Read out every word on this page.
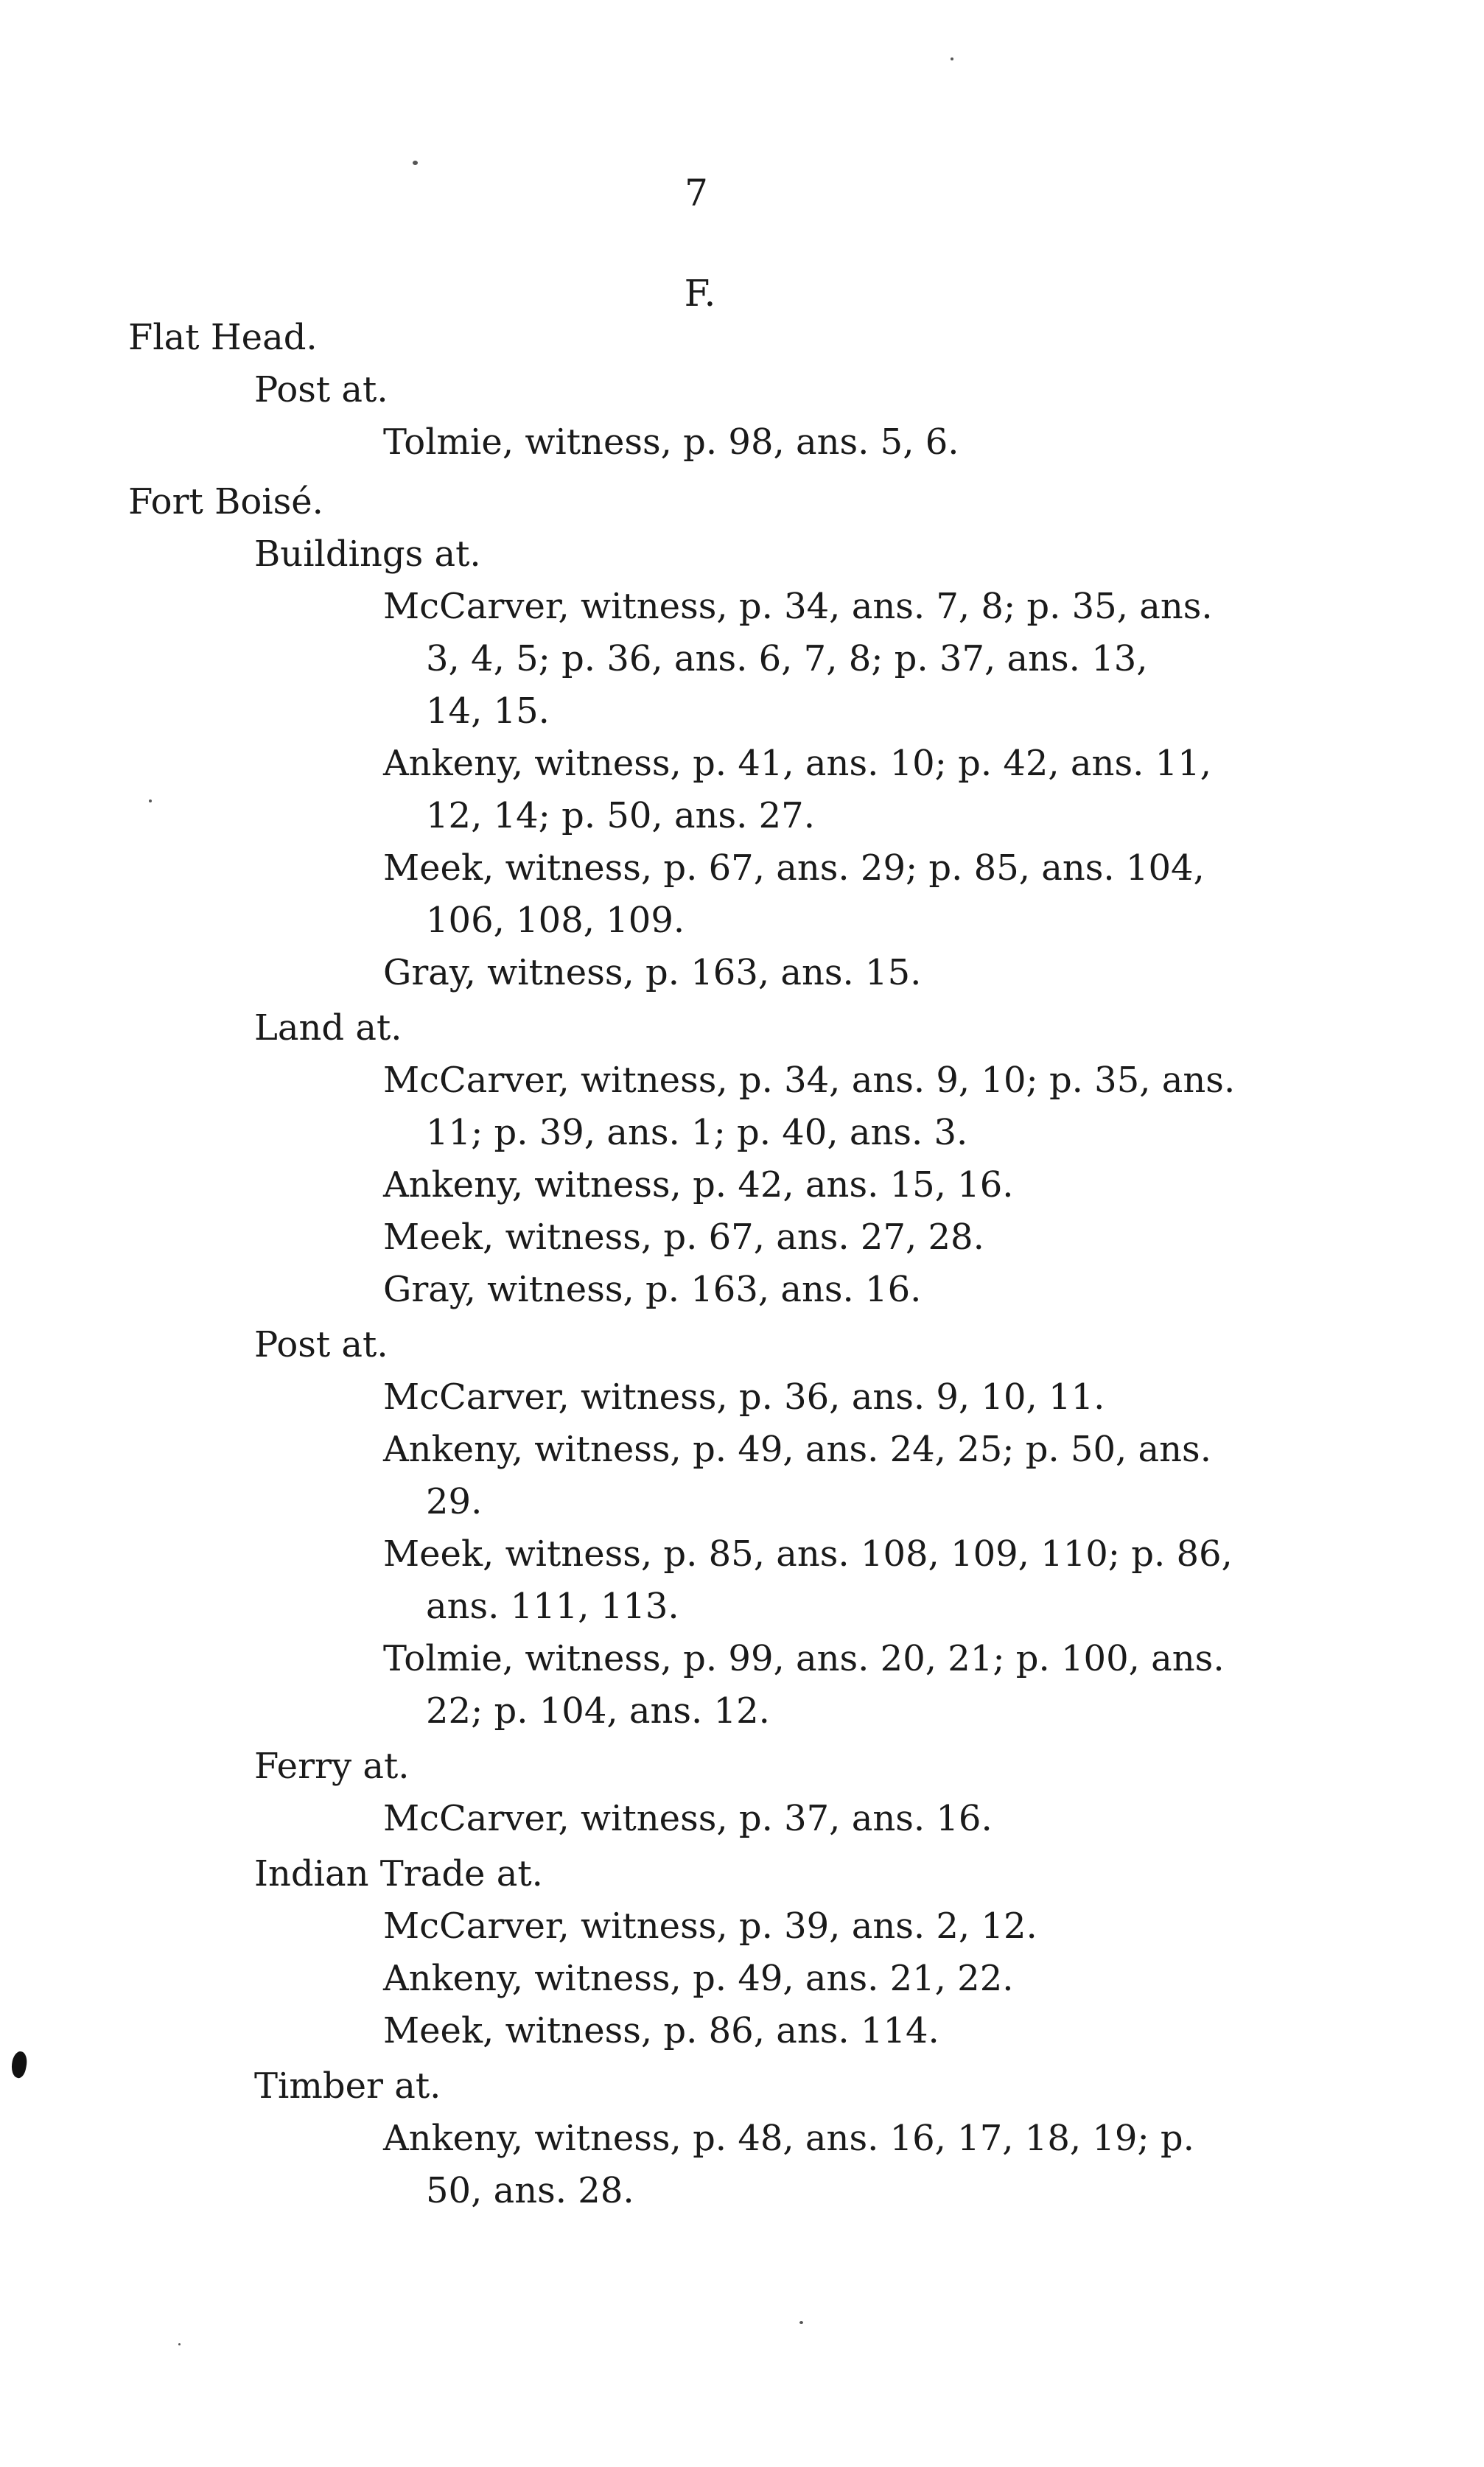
7
F.
Flat Head.
Post at.
Tolmie, witness, p. 98, ans. 5, 6.
Fort Boisé.
Buildings at.
McCarver, witness, p. 34, ans. 7, 8; p. 35, ans.
3, 4, 5; p. 36, ans. 6, 7, 8; p. 37, ans. 13,
14, 15.
Ankeny, witness, p. 41, ans. 10; p. 42, ans. 11,
12, 14; p. 50, ans. 27.
Meek, witness, p. 67, ans. 29; p. 85, ans. 104,
106, 108, 109.
Gray, witness, p. 163, ans. 15.
Land at.
McCarver, witness, p. 34, ans. 9, 10; p. 35, ans.
11; p. 39, ans. 1; p. 40, ans. 3.
Ankeny, witness, p. 42, ans. 15, 16.
Meek, witness, p. 67, ans. 27, 28.
Gray, witness, p. 163, ans. 16.
Post at.
McCarver, witness, p. 36, ans. 9, 10, 11.
Ankeny, witness, p. 49, ans. 24, 25; p. 50, ans.
29.
Meek, witness, p. 85, ans. 108, 109, 110; p. 86,
ans. 111, 113.
Tolmie, witness, p. 99, ans. 20, 21; p. 100, ans.
22; p. 104, ans. 12.
Ferry at.
McCarver, witness, p. 37, ans. 16.
Indian Trade at.
McCarver, witness, p. 39, ans. 2, 12.
Ankeny, witness, p. 49, ans. 21, 22.
Meek, witness, p. 86, ans. 114.
Timber at.
Ankeny, witness, p. 48, ans. 16, 17, 18, 19; p.
50, ans. 28.
